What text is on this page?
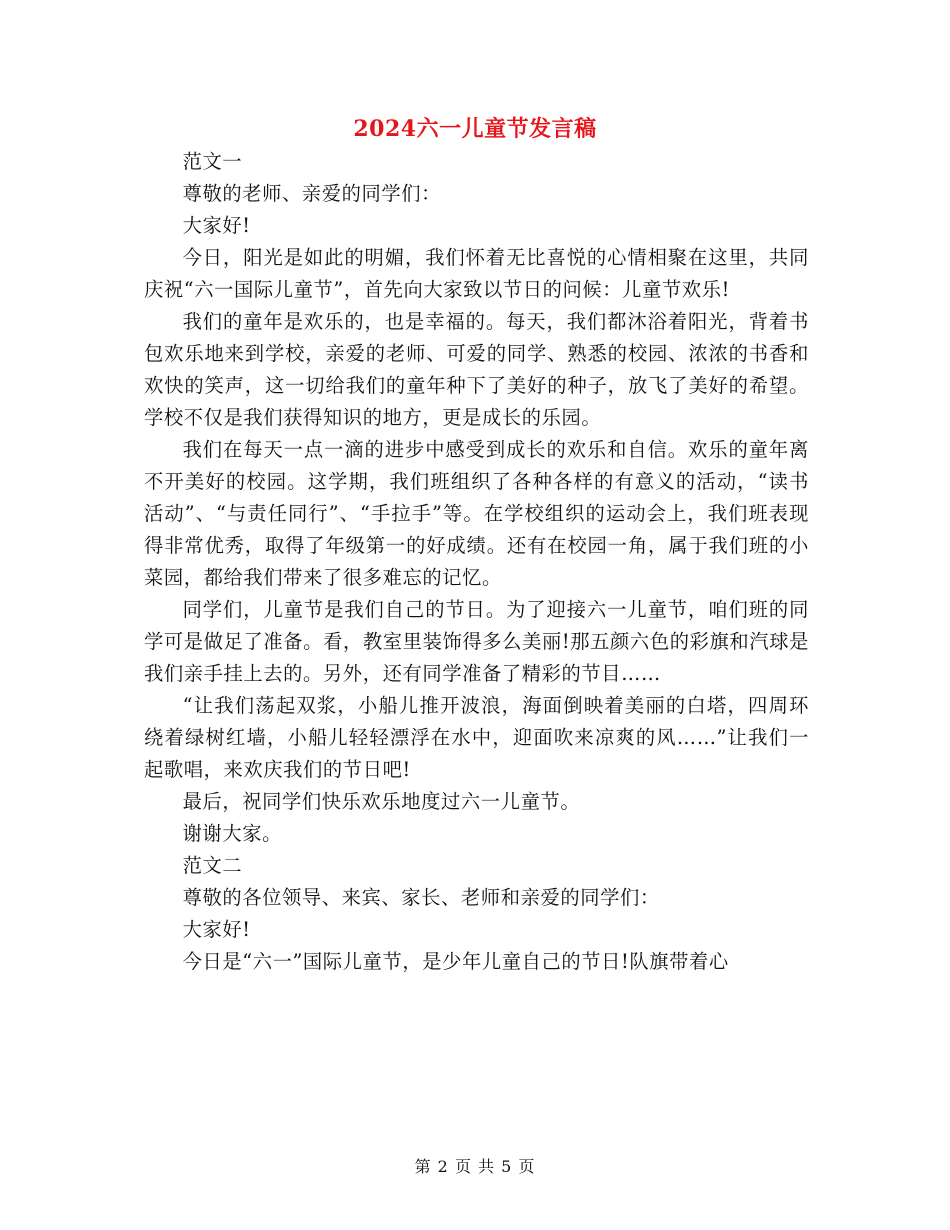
2024六一儿童节发言稿

范文一

尊敬的老师、亲爱的同学们：

大家好!

今日，阳光是如此的明媚，我们怀着无比喜悦的心情相聚在这里，共同庆祝“六一国际儿童节”，首先向大家致以节日的问候：儿童节欢乐!

我们的童年是欢乐的，也是幸福的。每天，我们都沐浴着阳光，背着书包欢乐地来到学校，亲爱的老师、可爱的同学、熟悉的校园、浓浓的书香和欢快的笑声，这一切给我们的童年种下了美好的种子，放飞了美好的希望。学校不仅是我们获得知识的地方，更是成长的乐园。

我们在每天一点一滴的进步中感受到成长的欢乐和自信。欢乐的童年离不开美好的校园。这学期，我们班组织了各种各样的有意义的活动，“读书活动”、“与责任同行”、“手拉手”等。在学校组织的运动会上，我们班表现得非常优秀，取得了年级第一的好成绩。还有在校园一角，属于我们班的小菜园，都给我们带来了很多难忘的记忆。

同学们，儿童节是我们自己的节日。为了迎接六一儿童节，咱们班的同学可是做足了准备。看，教室里装饰得多么美丽!那五颜六色的彩旗和汽球是我们亲手挂上去的。另外，还有同学准备了精彩的节目……

“让我们荡起双浆，小船儿推开波浪，海面倒映着美丽的白塔，四周环绕着绿树红墙，小船儿轻轻漂浮在水中，迎面吹来凉爽的风……”让我们一起歌唱，来欢庆我们的节日吧!

最后，祝同学们快乐欢乐地度过六一儿童节。

谢谢大家。

范文二

尊敬的各位领导、来宾、家长、老师和亲爱的同学们：

大家好!

今日是“六一”国际儿童节，是少年儿童自己的节日!队旗带着心

第 2 页 共 5 页
